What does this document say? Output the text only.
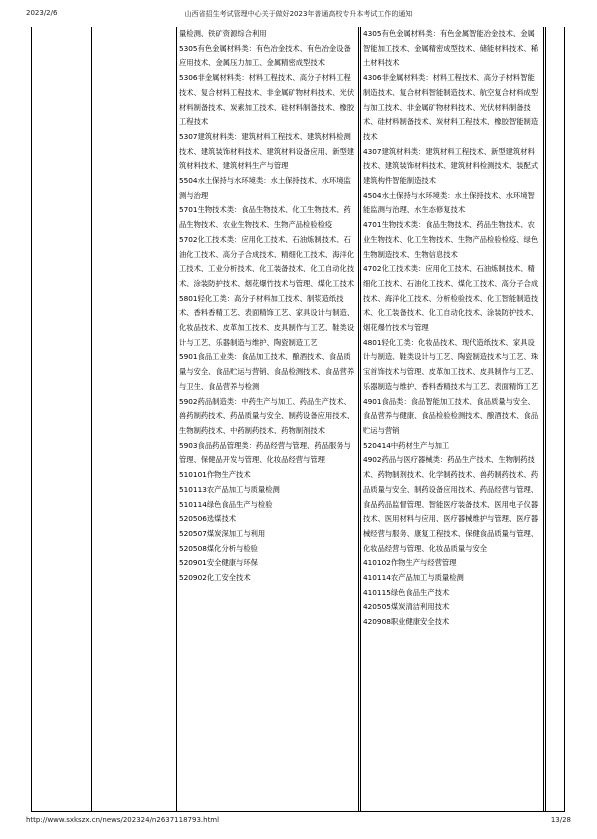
2023/2/6	山西省招生考试管理中心关于做好2023年普通高校专升本考试工作的通知

量检测、铁矿资源综合利用

5305有色金属材料类：有色冶金技术、有色冶金设备应用技术、金属压力加工、金属精密成型技术

5306非金属材料类：材料工程技术、高分子材料工程技术、复合材料工程技术、非金属矿物材料技术、光伏材料制备技术、炭素加工技术、硅材料制备技术、橡胶工程技术

5307建筑材料类：建筑材料工程技术、建筑材料检测技术、建筑装饰材料技术、建筑材料设备应用、新型建筑材料技术、建筑材料生产与管理

5504水土保持与水环境类：水土保持技术、水环境监测与治理

5701生物技术类：食品生物技术、化工生物技术、药品生物技术、农业生物技术、生物产品检验检疫

5702化工技术类：应用化工技术、石油炼制技术、石油化工技术、高分子合成技术、精细化工技术、海洋化工技术、工业分析技术、化工装备技术、化工自动化技术、涂装防护技术、烟花爆竹技术与管理、煤化工技术

5801轻化工类：高分子材料加工技术、制浆造纸技术、香料香精工艺、表面精饰工艺、家具设计与制造、化妆品技术、皮革加工技术、皮具制作与工艺、鞋类设计与工艺、乐器制造与维护、陶瓷制造工艺

5901食品工业类：食品加工技术、酿酒技术、食品质量与安全、食品贮运与营销、食品检测技术、食品营养与卫生、食品营养与检测

5902药品制造类：中药生产与加工、药品生产技术、兽药制药技术、药品质量与安全、制药设备应用技术、生物制药技术、中药制药技术、药物制剂技术

5903食品药品管理类：药品经营与管理、药品服务与管理、保健品开发与管理、化妆品经营与管理

510101作物生产技术

510113农产品加工与质量检测

510114绿色食品生产与检验

520506选煤技术

520507煤炭深加工与利用

520508煤化分析与检验

520901安全健康与环保

520902化工安全技术

4305有色金属材料类：有色金属智能冶金技术、金属智能加工技术、金属精密成型技术、储能材料技术、稀土材料技术

4306非金属材料类：材料工程技术、高分子材料智能制造技术、复合材料智能制造技术、航空复合材料成型与加工技术、非金属矿物材料技术、光伏材料制备技术、硅材料制备技术、炭材料工程技术、橡胶智能制造技术

4307建筑材料类：建筑材料工程技术、新型建筑材料技术、建筑装饰材料技术、建筑材料检测技术、装配式建筑构件智能制造技术

4504水土保持与水环境类：水土保持技术、水环境智能监测与治理、水生态修复技术

4701生物技术类：食品生物技术、药品生物技术、农业生物技术、化工生物技术、生物产品检验检疫、绿色生物制造技术、生物信息技术

4702化工技术类：应用化工技术、石油炼制技术、精细化工技术、石油化工技术、煤化工技术、高分子合成技术、海洋化工技术、分析检验技术、化工智能制造技术、化工装备技术、化工自动化技术、涂装防护技术、烟花爆竹技术与管理

4801轻化工类：化妆品技术、现代造纸技术、家具设计与制造、鞋类设计与工艺、陶瓷制造技术与工艺、珠宝首饰技术与管理、皮革加工技术、皮具制作与工艺、乐器制造与维护、香料香精技术与工艺、表面精饰工艺

4901食品类：食品智能加工技术、食品质量与安全、食品营养与健康、食品检验检测技术、酿酒技术、食品贮运与营销

520414中药材生产与加工

4902药品与医疗器械类：药品生产技术、生物制药技术、药物制剂技术、化学制药技术、兽药制药技术、药品质量与安全、制药设备应用技术、药品经营与管理、食品药品监督管理、智能医疗装备技术、医用电子仪器技术、医用材料与应用、医疗器械维护与管理、医疗器械经营与服务、康复工程技术、保健食品质量与管理、化妆品经营与管理、化妆品质量与安全

410102作物生产与经营管理

410114农产品加工与质量检测

410115绿色食品生产技术

420505煤炭清洁利用技术

420908职业健康安全技术

http://www.sxkszx.cn/news/202324/n2637118793.html	13/28
